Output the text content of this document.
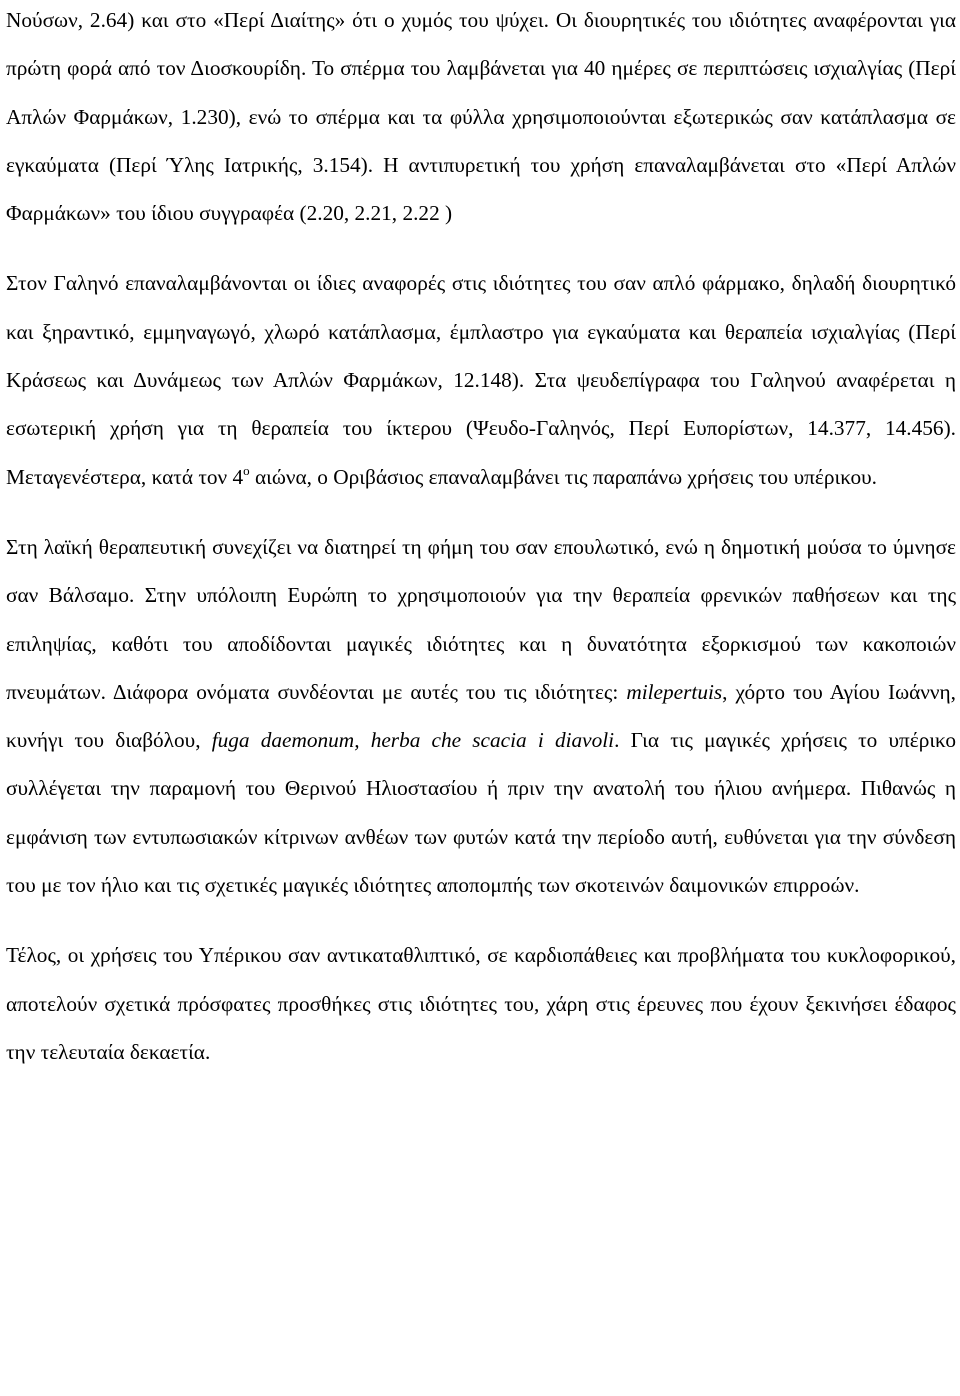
Νούσων, 2.64) και στο «Περί Διαίτης» ότι ο χυμός του ψύχει. Οι διουρητικές του ιδιότητες αναφέρονται για πρώτη φορά από τον Διοσκουρίδη. Το σπέρμα του λαμβάνεται για 40 ημέρες σε περιπτώσεις ισχιαλγίας (Περί Απλών Φαρμάκων, 1.230), ενώ το σπέρμα και τα φύλλα χρησιμοποιούνται εξωτερικώς σαν κατάπλασμα σε εγκαύματα (Περί Ύλης Ιατρικής, 3.154). Η αντιπυρετική του χρήση επαναλαμβάνεται στο «Περί Απλών Φαρμάκων» του ίδιου συγγραφέα (2.20, 2.21, 2.22 )

Στον Γαληνό επαναλαμβάνονται οι ίδιες αναφορές στις ιδιότητες του σαν απλό φάρμακο, δηλαδή διουρητικό και ξηραντικό, εμμηναγωγό, χλωρό κατάπλασμα, έμπλαστρο για εγκαύματα και θεραπεία ισχιαλγίας (Περί Κράσεως και Δυνάμεως των Απλών Φαρμάκων, 12.148). Στα ψευδεπίγραφα του Γαληνού αναφέρεται η εσωτερική χρήση για τη θεραπεία του ίκτερου (Ψευδο-Γαληνός, Περί Ευπορίστων, 14.377, 14.456). Μεταγενέστερα, κατά τον $4^o$ αιώνα, ο Οριβάσιος επαναλαμβάνει τις παραπάνω χρήσεις του υπέρικου.

Στη λαϊκή θεραπευτική συνεχίζει να διατηρεί τη φήμη του σαν επουλωτικό, ενώ η δημοτική μούσα το ύμνησε σαν Βάλσαμο. Στην υπόλοιπη Ευρώπη το χρησιμοποιούν για την θεραπεία φρενικών παθήσεων και της επιληψίας, καθότι του αποδίδονται μαγικές ιδιότητες και η δυνατότητα εξορκισμού των κακοποιών πνευμάτων. Διάφορα ονόματα συνδέονται με αυτές του τις ιδιότητες: milepertuis, χόρτο του Αγίου Ιωάννη, κυνήγι του διαβόλου, fuga daemonum, herba che scacia i diavoli. Για τις μαγικές χρήσεις το υπέρικο συλλέγεται την παραμονή του Θερινού Ηλιοστασίου ή πριν την ανατολή του ήλιου ανήμερα. Πιθανώς η εμφάνιση των εντυπωσιακών κίτρινων ανθέων των φυτών κατά την περίοδο αυτή, ευθύνεται για την σύνδεση του με τον ήλιο και τις σχετικές μαγικές ιδιότητες αποπομπής των σκοτεινών δαιμονικών επιρροών.

Τέλος, οι χρήσεις του Υπέρικου σαν αντικαταθλιπτικό, σε καρδιοπάθειες και προβλήματα του κυκλοφορικού, αποτελούν σχετικά πρόσφατες προσθήκες στις ιδιότητες του, χάρη στις έρευνες που έχουν ξεκινήσει έδαφος την τελευταία δεκαετία.
